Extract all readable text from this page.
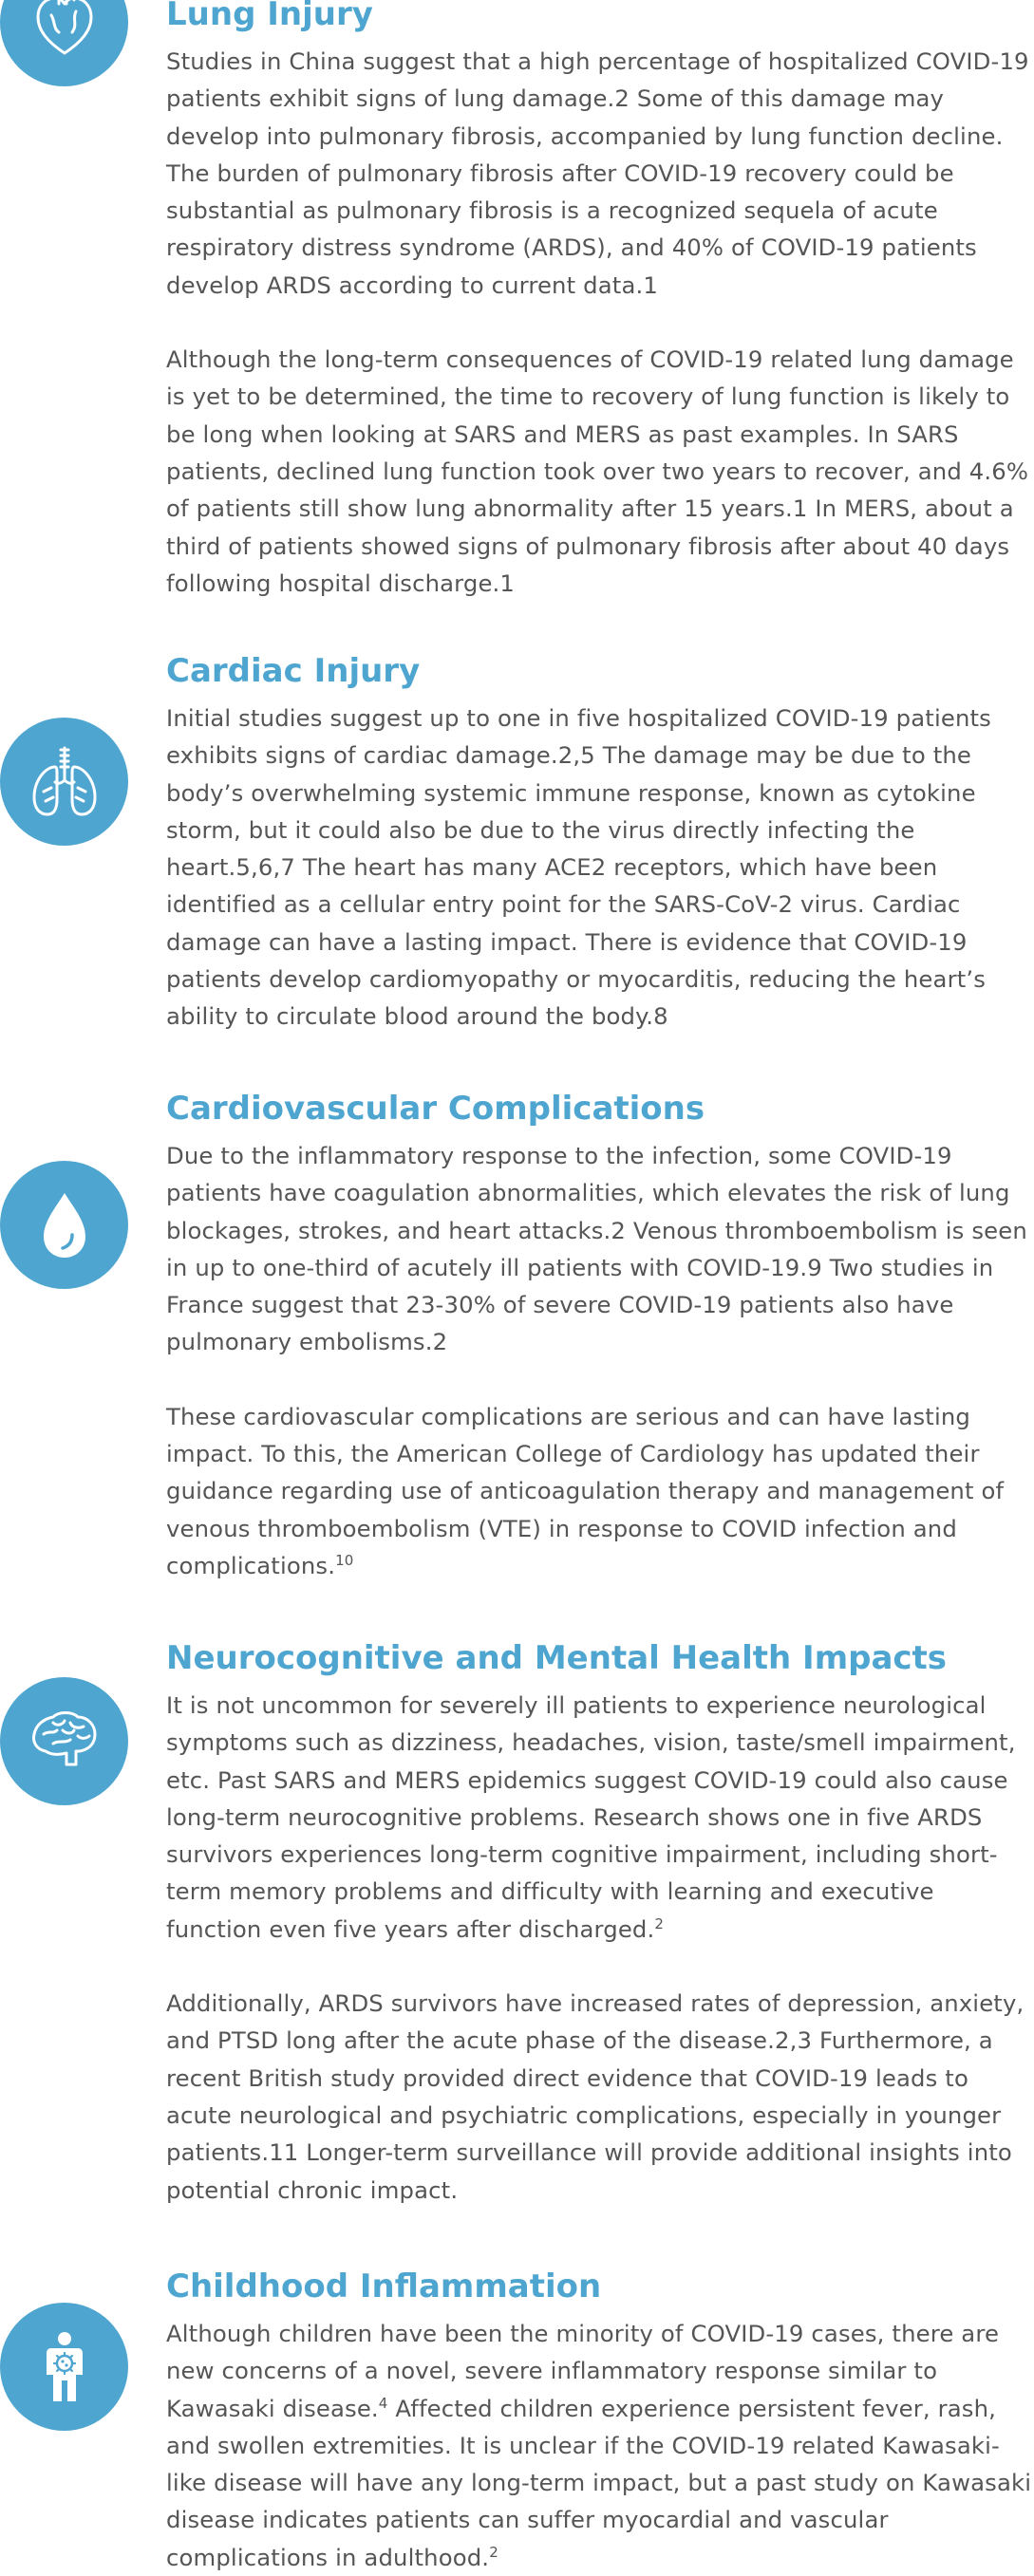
Lung Injury

Studies in China suggest that a high percentage of hospitalized COVID-19 patients exhibit signs of lung damage.2 Some of this damage may develop into pulmonary fibrosis, accompanied by lung function decline. The burden of pulmonary fibrosis after COVID-19 recovery could be substantial as pulmonary fibrosis is a recognized sequela of acute respiratory distress syndrome (ARDS), and 40% of COVID-19 patients develop ARDS according to current data.1

Although the long-term consequences of COVID-19 related lung damage is yet to be determined, the time to recovery of lung function is likely to be long when looking at SARS and MERS as past examples. In SARS patients, declined lung function took over two years to recover, and 4.6% of patients still show lung abnormality after 15 years.1 In MERS, about a third of patients showed signs of pulmonary fibrosis after about 40 days following hospital discharge.1

Cardiac Injury

Initial studies suggest up to one in five hospitalized COVID-19 patients exhibits signs of cardiac damage.2,5 The damage may be due to the body’s overwhelming systemic immune response, known as cytokine storm, but it could also be due to the virus directly infecting the heart.5,6,7 The heart has many ACE2 receptors, which have been identified as a cellular entry point for the SARS-CoV-2 virus. Cardiac damage can have a lasting impact. There is evidence that COVID-19 patients develop cardiomyopathy or myocarditis, reducing the heart’s ability to circulate blood around the body.8

Cardiovascular Complications

Due to the inflammatory response to the infection, some COVID-19 patients have coagulation abnormalities, which elevates the risk of lung blockages, strokes, and heart attacks.2 Venous thromboembolism is seen in up to one-third of acutely ill patients with COVID-19.9 Two studies in France suggest that 23-30% of severe COVID-19 patients also have pulmonary embolisms.2

These cardiovascular complications are serious and can have lasting impact. To this, the American College of Cardiology has updated their guidance regarding use of anticoagulation therapy and management of venous thromboembolism (VTE) in response to COVID infection and complications.$^{10}$

Neurocognitive and Mental Health Impacts

It is not uncommon for severely ill patients to experience neurological symptoms such as dizziness, headaches, vision, taste/smell impairment, etc. Past SARS and MERS epidemics suggest COVID-19 could also cause long-term neurocognitive problems. Research shows one in five ARDS survivors experiences long-term cognitive impairment, including short-term memory problems and difficulty with learning and executive function even five years after discharged.$^2$

Additionally, ARDS survivors have increased rates of depression, anxiety, and PTSD long after the acute phase of the disease.2,3 Furthermore, a recent British study provided direct evidence that COVID-19 leads to acute neurological and psychiatric complications, especially in younger patients.11 Longer-term surveillance will provide additional insights into potential chronic impact.

Childhood Inflammation

Although children have been the minority of COVID-19 cases, there are new concerns of a novel, severe inflammatory response similar to Kawasaki disease.$^4$ Affected children experience persistent fever, rash, and swollen extremities. It is unclear if the COVID-19 related Kawasaki-like disease will have any long-term impact, but a past study on Kawasaki disease indicates patients can suffer myocardial and vascular complications in adulthood.$^2$
